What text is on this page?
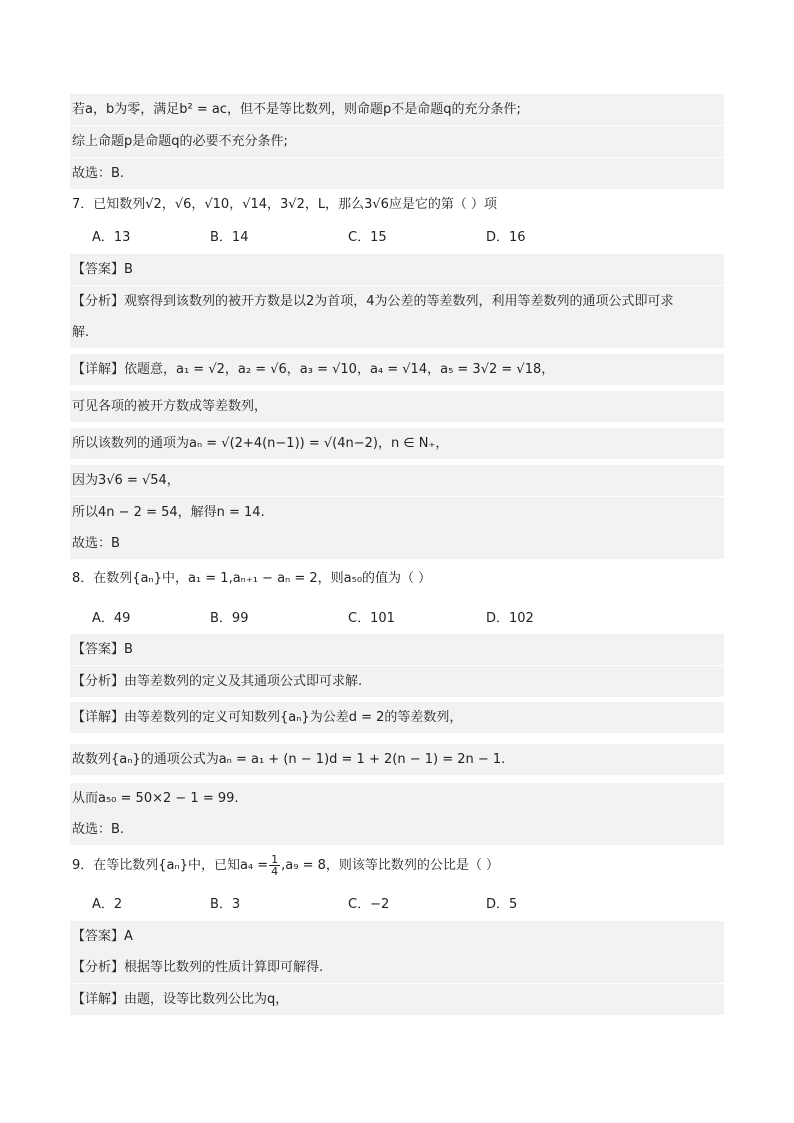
若a，b为零，满足b² = ac，但不是等比数列，则命题p不是命题q的充分条件;
综上命题p是命题q的必要不充分条件;
故选：B.
7．已知数列√2，√6，√10，√14，3√2，L，那么3√6应是它的第（ ）项
A．13	B．14	C．15	D．16
【答案】B
【分析】观察得到该数列的被开方数是以2为首项，4为公差的等差数列，利用等差数列的通项公式即可求
解.
【详解】依题意，a₁ = √2，a₂ = √6，a₃ = √10，a₄ = √14，a₅ = 3√2 = √18，
可见各项的被开方数成等差数列，
所以该数列的通项为aₙ = √(2+4(n−1)) = √(4n−2)，n ∈ N₊，
因为3√6 = √54，
所以4n − 2 = 54，解得n = 14.
故选：B
8．在数列{aₙ}中，a₁ = 1,aₙ₊₁ − aₙ = 2，则a₅₀的值为（ ）
A．49	B．99	C．101	D．102
【答案】B
【分析】由等差数列的定义及其通项公式即可求解.
【详解】由等差数列的定义可知数列{aₙ}为公差d = 2的等差数列，
故数列{aₙ}的通项公式为aₙ = a₁ + (n − 1)d = 1 + 2(n − 1) = 2n − 1.
从而a₅₀ = 50×2 − 1 = 99.
故选：B.
9．在等比数列{aₙ}中，已知$a_4 = \frac{1}{4} ,a_9 = 8$，则该等比数列的公比是（ ）
A．2	B．3	C．−2	D．5
【答案】A
【分析】根据等比数列的性质计算即可解得.
【详解】由题，设等比数列公比为q，
